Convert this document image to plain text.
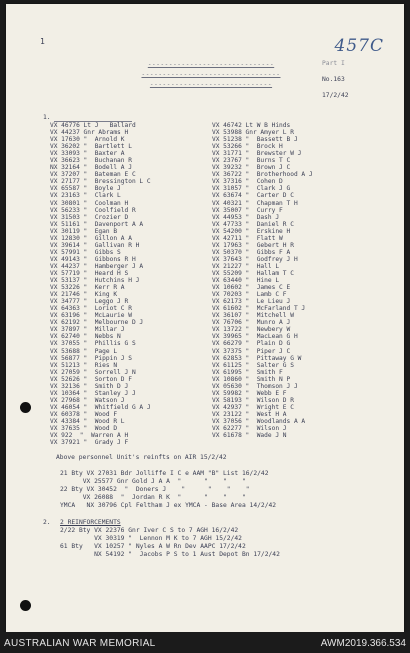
1
------------------------------
---------------------------------
-----------------------------
457C
Part I
No.163
17/2/42
1.
VX 46776 Lt J   Ballard
VX 44237 Gnr Abrams H
VX 17630 "  Arnold K
VX 36202 "  Bartlett L
VX 33093 "  Baxter A
VX 36623 "  Buchanan R
NX 32164 "  Bodell A J
VX 37207 "  Bateman E C
VX 27177 "  Bressington L C
VX 65587 "  Boyle J
VX 23163 "  Clark L
VX 30801 "  Coolman H
VX 56233 "  Coolfield R
VX 31503 "  Crozier D
VX 51161 "  Davenport A A
VX 30119 "  Egan B
VX 12830 "  Gillon A A
VX 39614 "  Gallivan R H
VX 57991 "  Gibbs S
VX 49143 "  Gibbons R H
VX 44237 "  Hamberger J A
VX 57719 "  Heard H S
VX 53137 "  Hutchins H J
VX 53226 "  Kerr R A
VX 21746 "  King K
VX 34777 "  Leggo J R
VX 64363 "  Loriot C R
VX 63196 "  McLaurie W
VX 62192 "  Melbourne D J
VX 37897 "  Millar J
VX 62740 "  Nebbs N
VX 37055 "  Phillis G S
VX 53688 "  Page L
VX 56877 "  Pippin J S
VX 51213 "  Ries N
VX 27059 "  Sorrell J N
VX 52626 "  Sorton D F
VX 32136 "  Smith D J
VX 10364 "  Stanley J J
VX 27968 "  Watson J
VX 46054 "  Whitfield G A J
VX 60378 "  Wood F
VX 43384 "  Wood R L
VX 37635 "  Wood D
VX 922  "  Warren A H
VX 37921 "  Grady J F
VX 46742 Lt W B Hinds
VX 53988 Gnr Amyer L R
VX 51238 "  Bassett B J
VX 53266 "  Brock H
VX 31771 "  Brewster W J
VX 23767 "  Burns T C
VX 39232 "  Brown J C
VX 36722 "  Brotherhood A J
VX 37316 "  Cohen D
VX 31057 "  Clark J G
VX 63674 "  Carter D C
VX 40321 "  Chapman T H
VX 35007 "  Curry F
VX 44953 "  Dash J
VX 47733 "  Daniel R C
VX 54200 "  Erskine H
VX 42711 "  Flatt W
VX 17963 "  Gebert H R
VX 50370 "  Gibbs F A
VX 37643 "  Godfrey J H
VX 21227 "  Hall L
VX 55209 "  Hallam T C
VX 63440 "  Hine L
VX 10602 "  James C E
VX 70203 "  Lamb C F
VX 62173 "  Le Lieu J
VX 61602 "  McFarland T J
VX 36107 "  Mitchell W
VX 76706 "  Munro A J
VX 13722 "  Newbery W
VX 39965 "  MacLean G H
VX 66279 "  Plain D G
VX 37375 "  Piper J C
VX 62853 "  Pittaway G W
VX 61125 "  Salter G S
VX 61995 "  Smith F
VX 10860 "  Smith N P
VX 05630 "  Thomson J J
VX 59982 "  Webb E F
VX 58193 "  Wilson D R
VX 42937 "  Wright E C
VX 23122 "  West H A
VX 37056 "  Woodlands A A
VX 62277 "  Wilson J
VX 61678 "  Wade J N
Above personnel Unit's reinfts on AIR 15/2/42
21 Bty VX 27031 Bdr Jolliffe I C e AAM "B" List 16/2/42
VX 25577 Gnr Gold J A A  "      "    "    "
22 Bty VX 30452  "  Doners J    "      "    "    "
VX 26088  "  Jordan R K  "      "    "    "
YMCA   NX 30796 Cpl Feltham J ex YMCA - Base Area 14/2/42
2. 2 REINFORCEMENTS
2/22 Bty VX 22376 Gnr Iver C S to 7 AGH 16/2/42
VX 30319 "  Lennon M K to 7 AGH 15/2/42
61 Bty   VX 10257 " Nyles A W Rn Dev AAPC 17/2/42
NX 54192 "  Jacobs P S to 1 Aust Depot Bn 17/2/42
AUSTRALIAN WAR MEMORIAL	AWM2019.366.534
